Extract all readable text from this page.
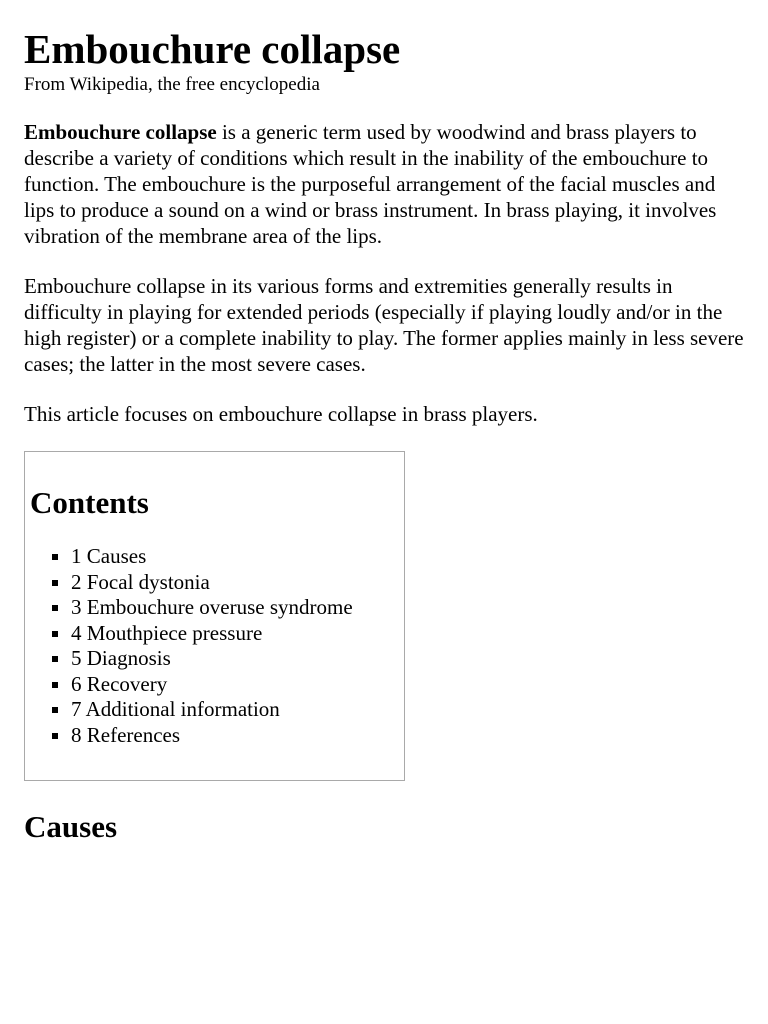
Embouchure collapse
From Wikipedia, the free encyclopedia

Embouchure collapse is a generic term used by woodwind and brass players to describe a variety of conditions which result in the inability of the embouchure to function. The embouchure is the purposeful arrangement of the facial muscles and lips to produce a sound on a wind or brass instrument. In brass playing, it involves vibration of the membrane area of the lips.

Embouchure collapse in its various forms and extremities generally results in difficulty in playing for extended periods (especially if playing loudly and/or in the high register) or a complete inability to play. The former applies mainly in less severe cases; the latter in the most severe cases.

This article focuses on embouchure collapse in brass players.

Contents
▪ 1 Causes
▪ 2 Focal dystonia
▪ 3 Embouchure overuse syndrome
▪ 4 Mouthpiece pressure
▪ 5 Diagnosis
▪ 6 Recovery
▪ 7 Additional information
▪ 8 References
Causes
